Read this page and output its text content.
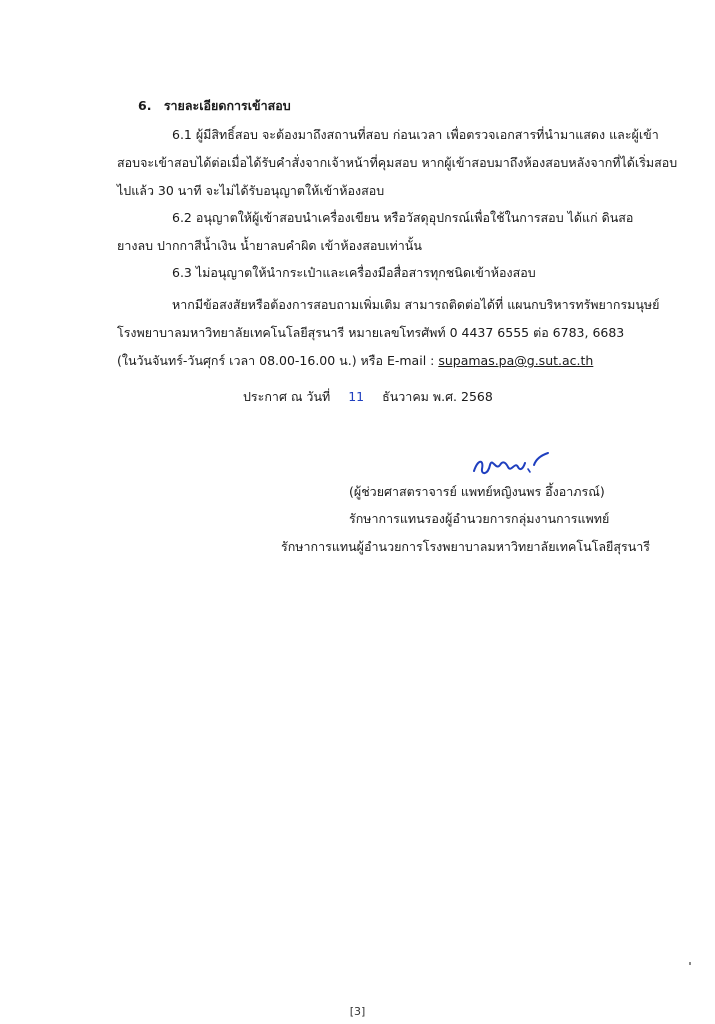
6. รายละเอียดการเข้าสอบ
6.1 ผู้มีสิทธิ์สอบ จะต้องมาถึงสถานที่สอบ ก่อนเวลา เพื่อตรวจเอกสารที่นำมาแสดง และผู้เข้า
สอบจะเข้าสอบได้ต่อเมื่อได้รับคำสั่งจากเจ้าหน้าที่คุมสอบ หากผู้เข้าสอบมาถึงห้องสอบหลังจากที่ได้เริ่มสอบ
ไปแล้ว 30 นาที จะไม่ได้รับอนุญาตให้เข้าห้องสอบ
6.2 อนุญาตให้ผู้เข้าสอบนำเครื่องเขียน หรือวัสดุอุปกรณ์เพื่อใช้ในการสอบ ได้แก่ ดินสอ
ยางลบ ปากกาสีน้ำเงิน น้ำยาลบคำผิด เข้าห้องสอบเท่านั้น
6.3 ไม่อนุญาตให้นำกระเป๋าและเครื่องมือสื่อสารทุกชนิดเข้าห้องสอบ
หากมีข้อสงสัยหรือต้องการสอบถามเพิ่มเติม สามารถติดต่อได้ที่ แผนกบริหารทรัพยากรมนุษย์
โรงพยาบาลมหาวิทยาลัยเทคโนโลยีสุรนารี หมายเลขโทรศัพท์ 0 4437 6555 ต่อ 6783, 6683
(ในวันจันทร์-วันศุกร์ เวลา 08.00-16.00 น.) หรือ E-mail : supamas.pa@g.sut.ac.th
ประกาศ ณ วันที่ 11 ธันวาคม พ.ศ. 2568
(ผู้ช่วยศาสตราจารย์ แพทย์หญิงนพร อึ้งอาภรณ์)
รักษาการแทนรองผู้อำนวยการกลุ่มงานการแพทย์
รักษาการแทนผู้อำนวยการโรงพยาบาลมหาวิทยาลัยเทคโนโลยีสุรนารี
[3]
